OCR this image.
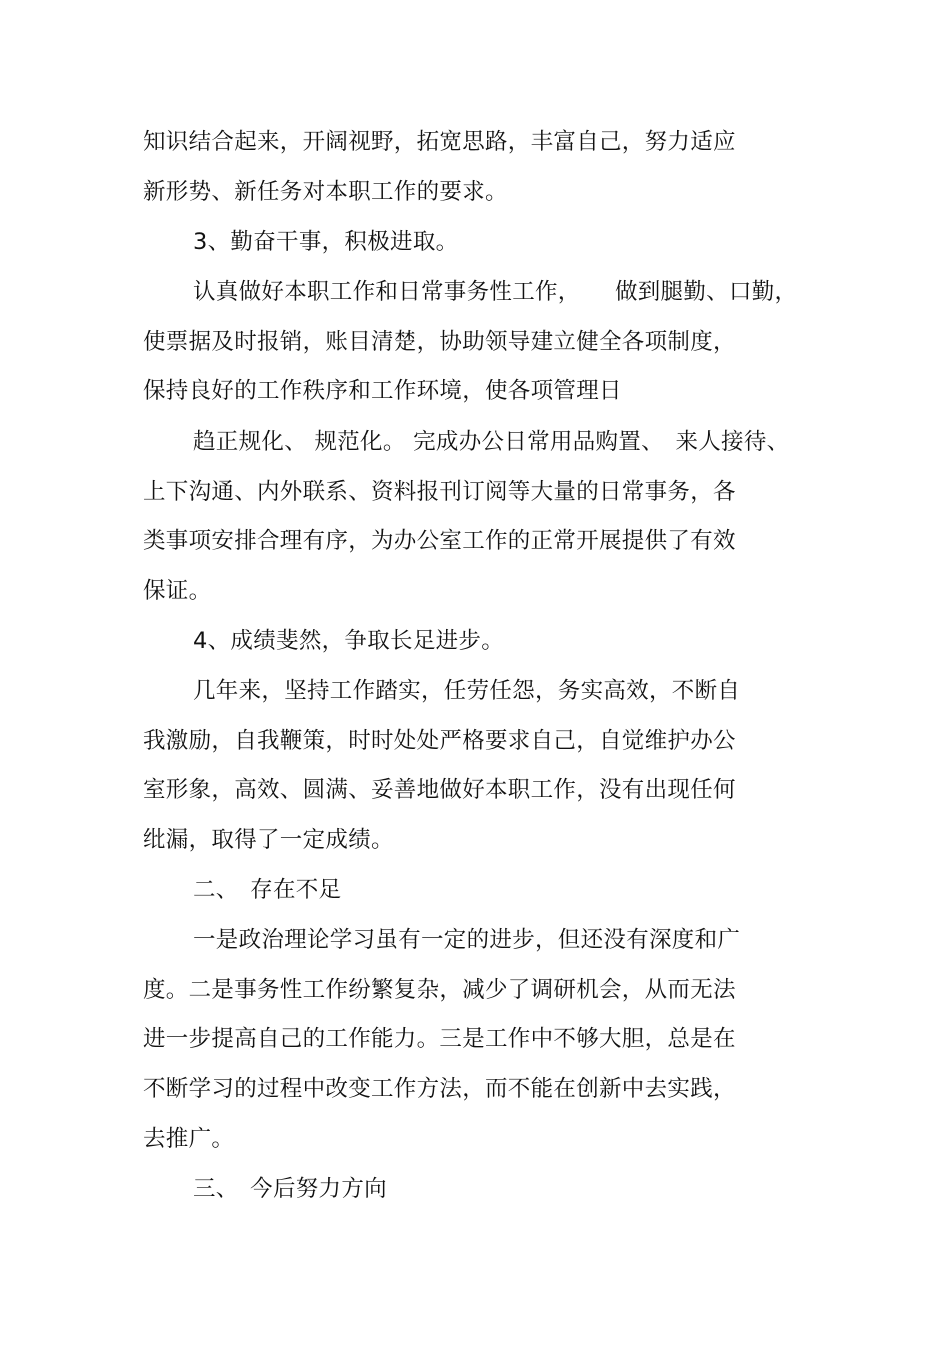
知识结合起来，开阔视野，拓宽思路，丰富自己，努力适应
新形势、新任务对本职工作的要求。
3、勤奋干事，积极进取。
认真做好本职工作和日常事务性工作，　　做到腿勤、口勤，
使票据及时报销，账目清楚，协助领导建立健全各项制度，
保持良好的工作秩序和工作环境，使各项管理日
趋正规化、 规范化。 完成办公日常用品购置、　来人接待、
上下沟通、内外联系、资料报刊订阅等大量的日常事务，各
类事项安排合理有序，为办公室工作的正常开展提供了有效
保证。
4、成绩斐然，争取长足进步。
几年来，坚持工作踏实，任劳任怨，务实高效，不断自
我激励，自我鞭策，时时处处严格要求自己，自觉维护办公
室形象，高效、圆满、妥善地做好本职工作，没有出现任何
纰漏，取得了一定成绩。
二、　存在不足
一是政治理论学习虽有一定的进步，但还没有深度和广
度。二是事务性工作纷繁复杂，减少了调研机会，从而无法
进一步提高自己的工作能力。三是工作中不够大胆，总是在
不断学习的过程中改变工作方法，而不能在创新中去实践，
去推广。
三、　今后努力方向
